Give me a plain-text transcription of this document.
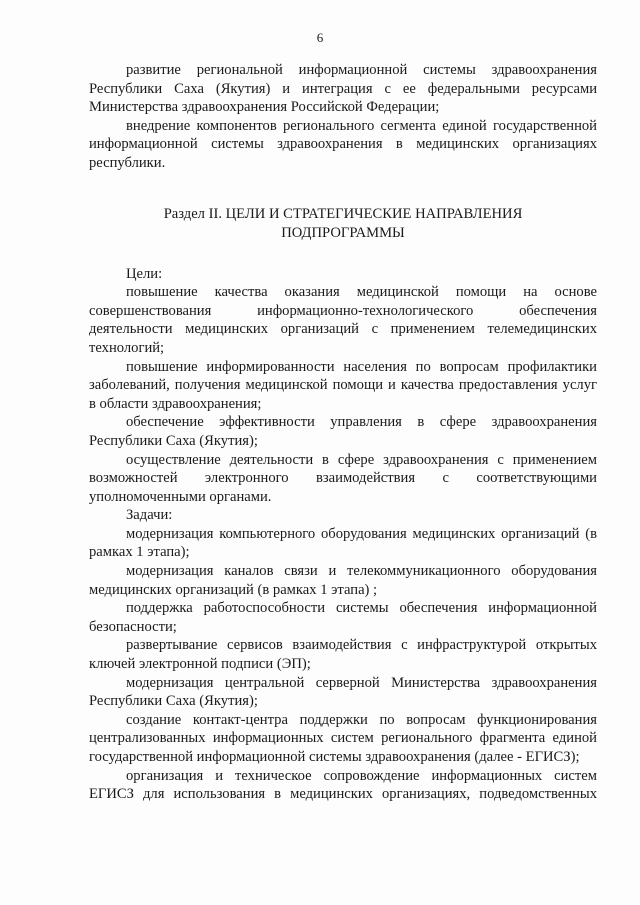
6

развитие региональной информационной системы здравоохранения Республики Саха (Якутия) и интеграция с ее федеральными ресурсами Министерства здравоохранения Российской Федерации;

внедрение компонентов регионального сегмента единой государственной информационной системы здравоохранения в медицинских организациях республики.

Раздел II. ЦЕЛИ И СТРАТЕГИЧЕСКИЕ НАПРАВЛЕНИЯ
ПОДПРОГРАММЫ

Цели:

повышение качества оказания медицинской помощи на основе совершенствования информационно-технологического обеспечения деятельности медицинских организаций с применением телемедицинских технологий;

повышение информированности населения по вопросам профилактики заболеваний, получения медицинской помощи и качества предоставления услуг в области здравоохранения;

обеспечение эффективности управления в сфере здравоохранения Республики Саха (Якутия);

осуществление деятельности в сфере здравоохранения с применением возможностей электронного взаимодействия с соответствующими уполномоченными органами.

Задачи:

модернизация компьютерного оборудования медицинских организаций (в рамках 1 этапа);

модернизация каналов связи и телекоммуникационного оборудования медицинских организаций (в рамках 1 этапа) ;

поддержка работоспособности системы обеспечения информационной безопасности;

развертывание сервисов взаимодействия с инфраструктурой открытых ключей электронной подписи (ЭП);

модернизация центральной серверной Министерства здравоохранения Республики Саха (Якутия);

создание контакт-центра поддержки по вопросам функционирования централизованных информационных систем регионального фрагмента единой государственной информационной системы здравоохранения (далее - ЕГИСЗ);

организация и техническое сопровождение информационных систем ЕГИСЗ для использования в медицинских организациях, подведомственных
